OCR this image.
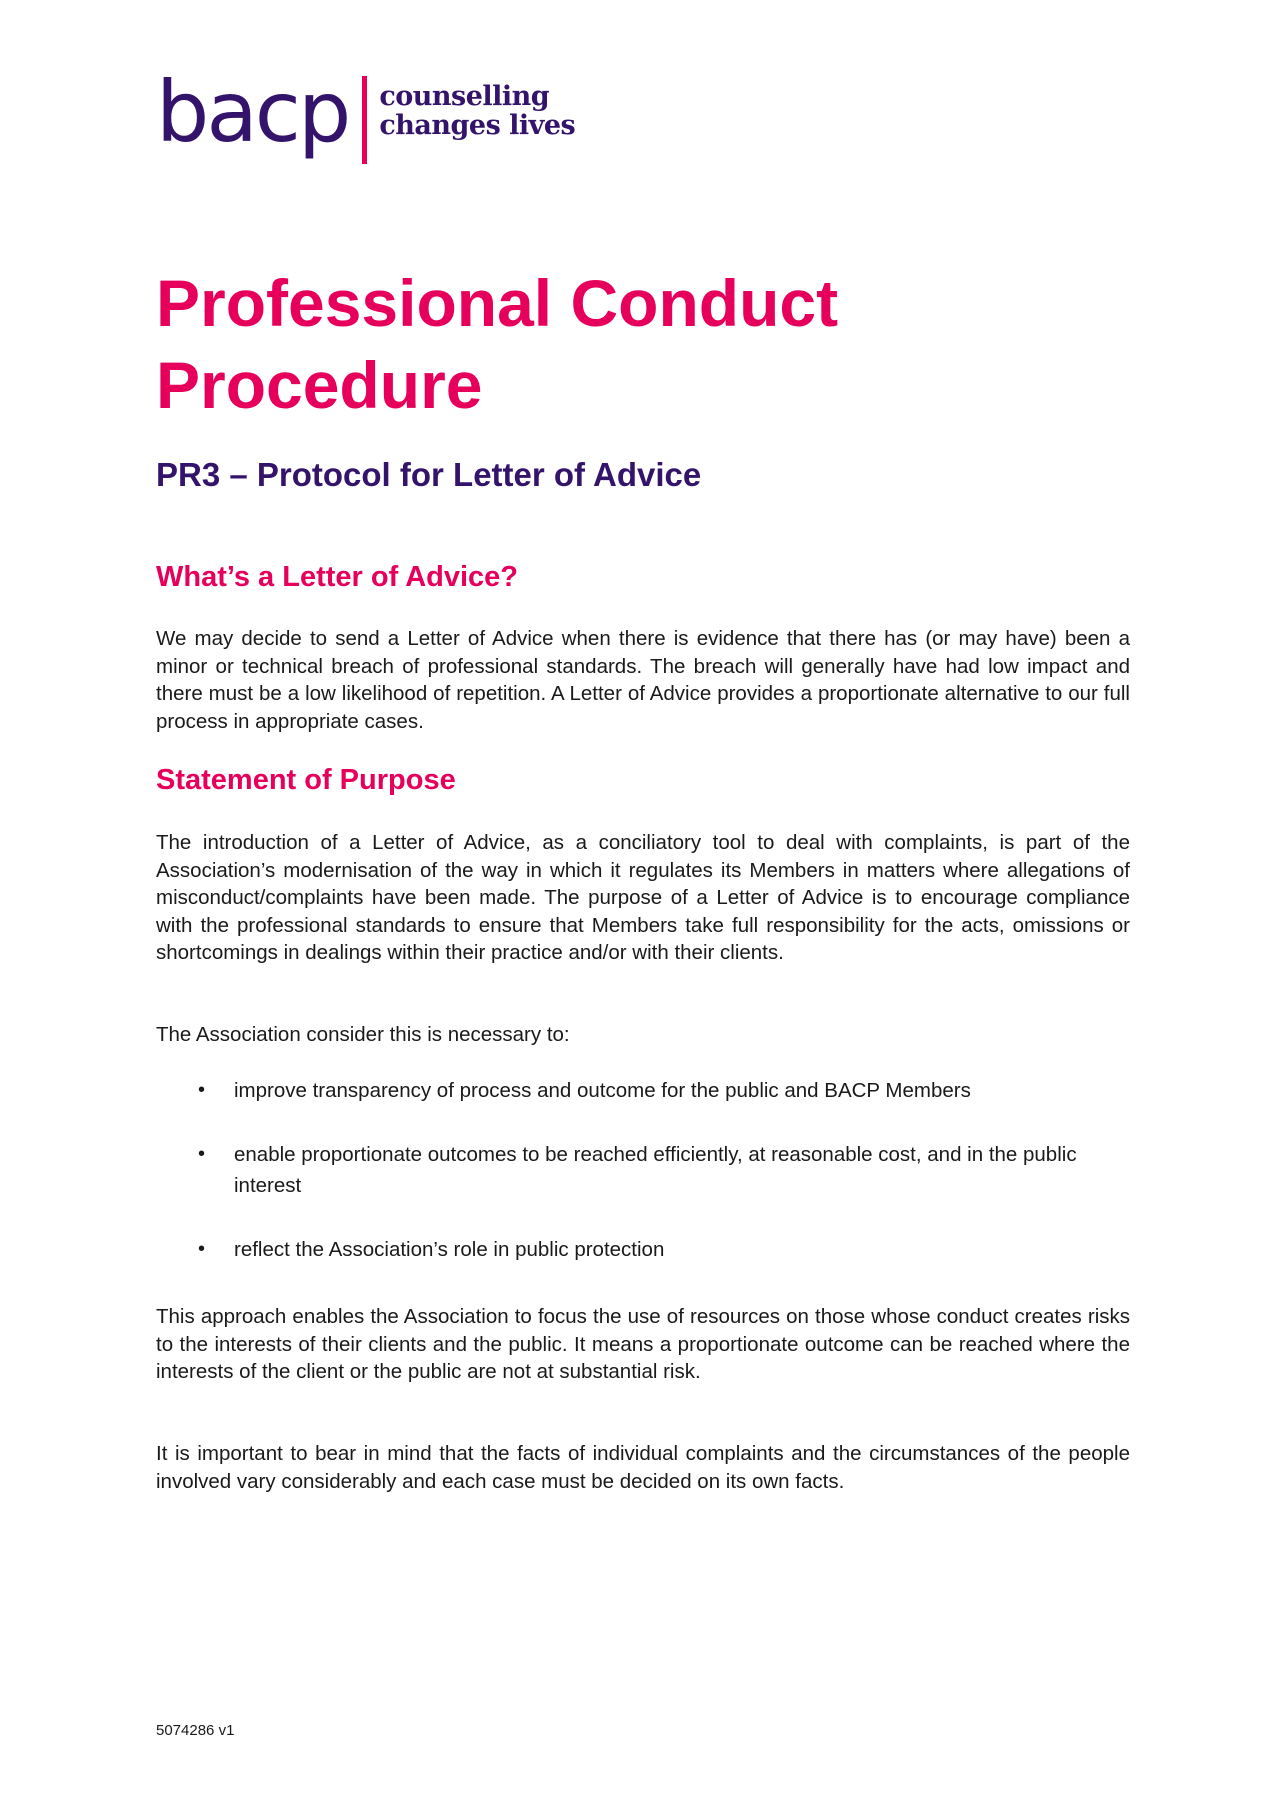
bacp counselling
changes lives
Professional Conduct Procedure
PR3 – Protocol for Letter of Advice
What’s a Letter of Advice?

We may decide to send a Letter of Advice when there is evidence that there has (or may have) been a minor or technical breach of professional standards. The breach will generally have had low impact and there must be a low likelihood of repetition. A Letter of Advice provides a proportionate alternative to our full process in appropriate cases.

Statement of Purpose

The introduction of a Letter of Advice, as a conciliatory tool to deal with complaints, is part of the Association’s modernisation of the way in which it regulates its Members in matters where allegations of misconduct/complaints have been made. The purpose of a Letter of Advice is to encourage compliance with the professional standards to ensure that Members take full responsibility for the acts, omissions or shortcomings in dealings within their practice and/or with their clients.

The Association consider this is necessary to:

• improve transparency of process and outcome for the public and BACP Members
• enable proportionate outcomes to be reached efficiently, at reasonable cost, and in the public interest
• reflect the Association’s role in public protection

This approach enables the Association to focus the use of resources on those whose conduct creates risks to the interests of their clients and the public. It means a proportionate outcome can be reached where the interests of the client or the public are not at substantial risk.

It is important to bear in mind that the facts of individual complaints and the circumstances of the people involved vary considerably and each case must be decided on its own facts.

5074286 v1
